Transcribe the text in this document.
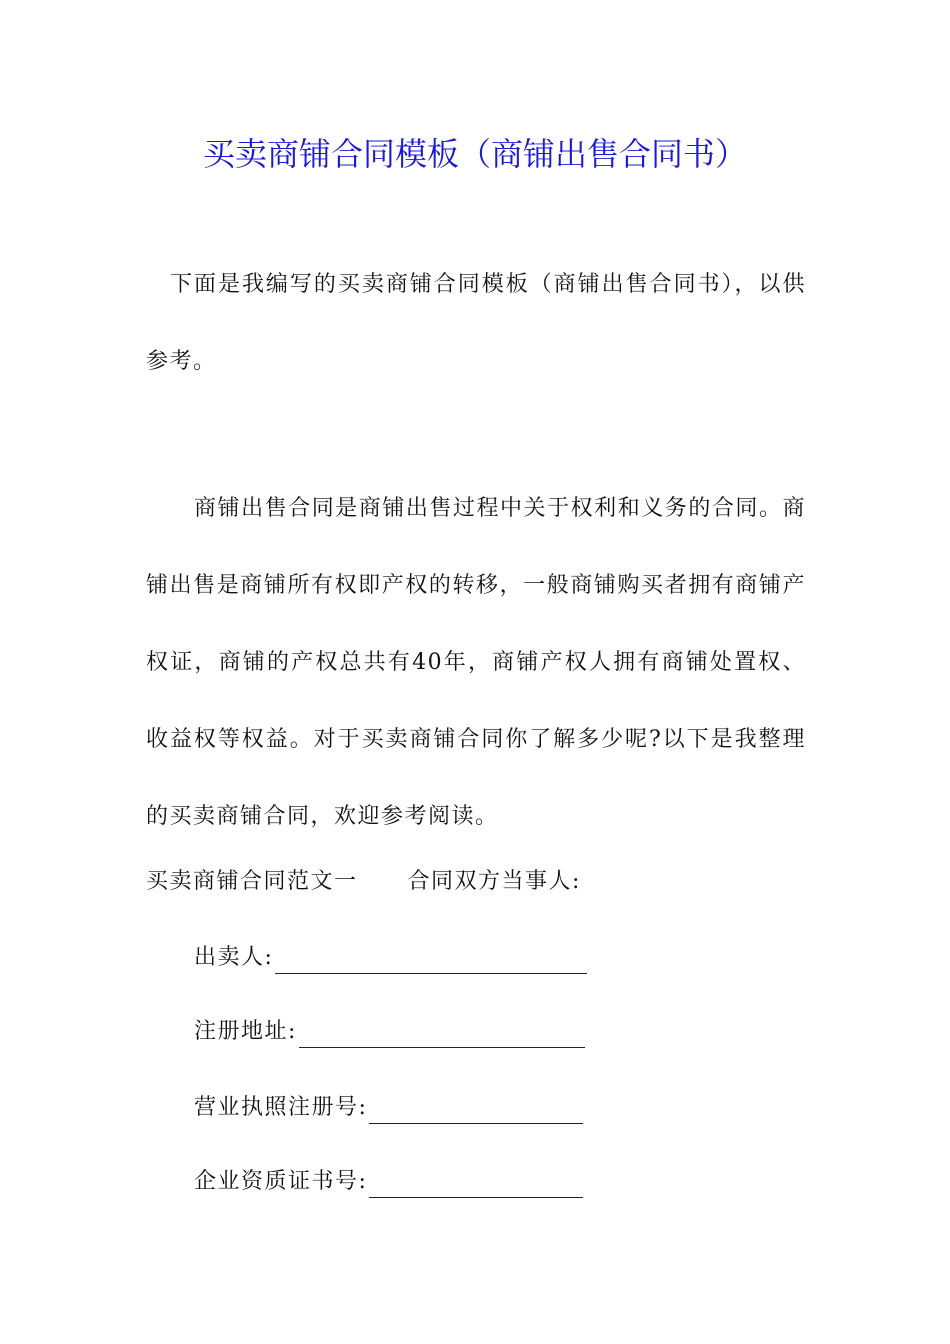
买卖商铺合同模板（商铺出售合同书）

下面是我编写的买卖商铺合同模板（商铺出售合同书），以供参考。

商铺出售合同是商铺出售过程中关于权利和义务的合同。商铺出售是商铺所有权即产权的转移，一般商铺购买者拥有商铺产权证，商铺的产权总共有40年，商铺产权人拥有商铺处置权、收益权等权益。对于买卖商铺合同你了解多少呢?以下是我整理的买卖商铺合同，欢迎参考阅读。

买卖商铺合同范文一 合同双方当事人:
出卖人:
注册地址:
营业执照注册号:
企业资质证书号:
